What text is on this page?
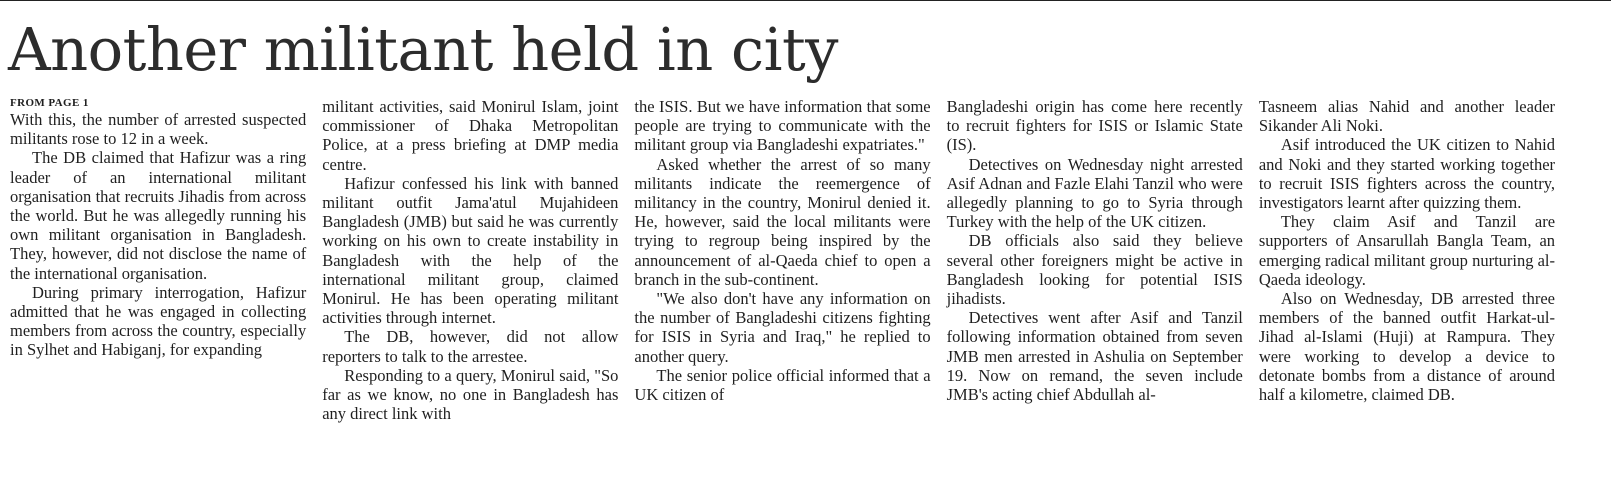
Another militant held in city
FROM PAGE 1

With this, the number of arrested suspected militants rose to 12 in a week.

The DB claimed that Hafizur was a ring leader of an international militant organisation that recruits Jihadis from across the world. But he was allegedly running his own militant organisation in Bangladesh. They, however, did not disclose the name of the international organisation.

During primary interrogation, Hafizur admitted that he was engaged in collecting members from across the country, especially in Sylhet and Habiganj, for expanding

militant activities, said Monirul Islam, joint commissioner of Dhaka Metropolitan Police, at a press briefing at DMP media centre.

Hafizur confessed his link with banned militant outfit Jama'atul Mujahideen Bangladesh (JMB) but said he was currently working on his own to create instability in Bangladesh with the help of the international militant group, claimed Monirul. He has been operating militant activities through internet.

The DB, however, did not allow reporters to talk to the arrestee.

Responding to a query, Monirul said, "So far as we know, no one in Bangladesh has any direct link with

the ISIS. But we have information that some people are trying to communicate with the militant group via Bangladeshi expatriates."

Asked whether the arrest of so many militants indicate the reemergence of militancy in the country, Monirul denied it. He, however, said the local militants were trying to regroup being inspired by the announcement of al-Qaeda chief to open a branch in the sub-continent.

"We also don't have any information on the number of Bangladeshi citizens fighting for ISIS in Syria and Iraq," he replied to another query.

The senior police official informed that a UK citizen of

Bangladeshi origin has come here recently to recruit fighters for ISIS or Islamic State (IS).

Detectives on Wednesday night arrested Asif Adnan and Fazle Elahi Tanzil who were allegedly planning to go to Syria through Turkey with the help of the UK citizen.

DB officials also said they believe several other foreigners might be active in Bangladesh looking for potential ISIS jihadists.

Detectives went after Asif and Tanzil following information obtained from seven JMB men arrested in Ashulia on September 19. Now on remand, the seven include JMB's acting chief Abdullah al-

Tasneem alias Nahid and another leader Sikander Ali Noki.

Asif introduced the UK citizen to Nahid and Noki and they started working together to recruit ISIS fighters across the country, investigators learnt after quizzing them.

They claim Asif and Tanzil are supporters of Ansarullah Bangla Team, an emerging radical militant group nurturing al-Qaeda ideology.

Also on Wednesday, DB arrested three members of the banned outfit Harkat-ul-Jihad al-Islami (Huji) at Rampura. They were working to develop a device to detonate bombs from a distance of around half a kilometre, claimed DB.
